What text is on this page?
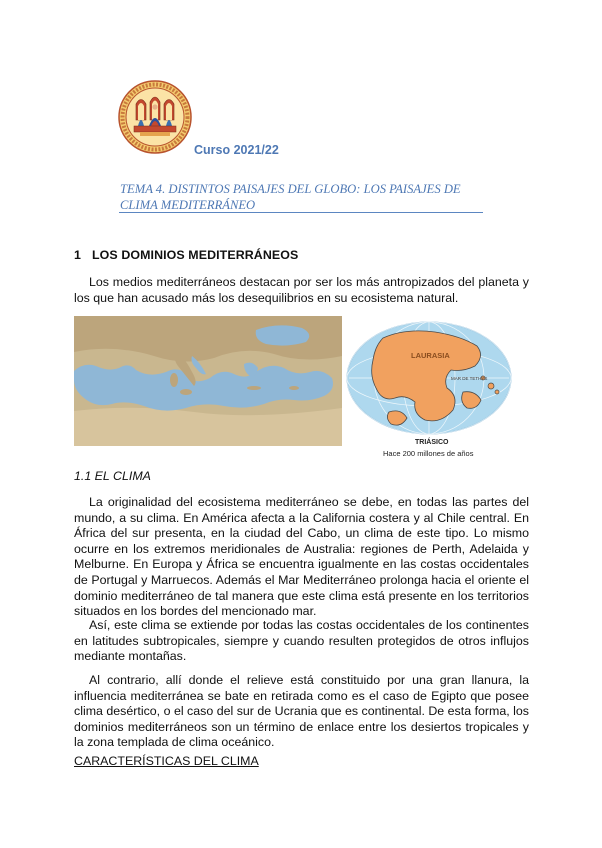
Curso 2021/22
TEMA 4. DISTINTOS PAISAJES DEL GLOBO: LOS PAISAJES DE CLIMA MEDITERRÁNEO
1 LOS DOMINIOS MEDITERRÁNEOS

Los medios mediterráneos destacan por ser los más antropizados del planeta y los que han acusado más los desequilibrios en su ecosistema natural.

LAURASIA
MAR DE TETHYS
TRIÁSICO
Hace 200 millones de años
1.1 EL CLIMA

La originalidad del ecosistema mediterráneo se debe, en todas las partes del mundo, a su clima. En América afecta a la California costera y al Chile central. En África del sur presenta, en la ciudad del Cabo, un clima de este tipo. Lo mismo ocurre en los extremos meridionales de Australia: regiones de Perth, Adelaida y Melburne. En Europa y África se encuentra igualmente en las costas occidentales de Portugal y Marruecos. Además el Mar Mediterráneo prolonga hacia el oriente el dominio mediterráneo de tal manera que este clima está presente en los territorios situados en los bordes del mencionado mar.

Así, este clima se extiende por todas las costas occidentales de los continentes en latitudes subtropicales, siempre y cuando resulten protegidos de otros influjos mediante montañas.

Al contrario, allí donde el relieve está constituido por una gran llanura, la influencia mediterránea se bate en retirada como es el caso de Egipto que posee clima desértico, o el caso del sur de Ucrania que es continental. De esta forma, los dominios mediterráneos son un término de enlace entre los desiertos tropicales y la zona templada de clima oceánico.

CARACTERÍSTICAS DEL CLIMA
